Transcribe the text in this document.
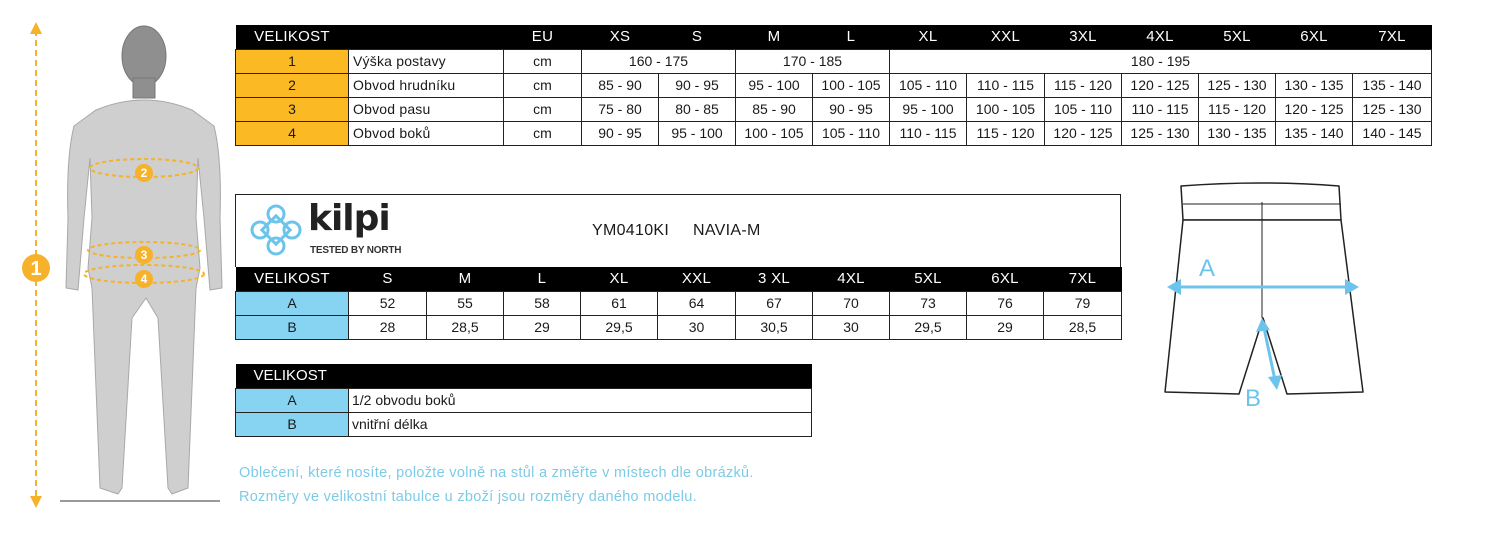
1
2
3
4
VELIKOST		EU	XS	S	M	L	XL	XXL	3XL	4XL	5XL	6XL	7XL
1	Výška postavy	cm	160 - 175		170 - 185		180 - 195						
2	Obvod hrudníku	cm	85 - 90	90 - 95	95 - 100	100 - 105	105 - 110	110 - 115	115 - 120	120 - 125	125 - 130	130 - 135	135 - 140
3	Obvod pasu	cm	75 - 80	80 - 85	85 - 90	90 - 95	95 - 100	100 - 105	105 - 110	110 - 115	115 - 120	120 - 125	125 - 130
4	Obvod boků	cm	90 - 95	95 - 100	100 - 105	105 - 110	110 - 115	115 - 120	120 - 125	125 - 130	130 - 135	135 - 140	140 - 145
kilpi
TESTED BY NORTH
YM0410KI NAVIA-M
VELIKOST	S	M	L	XL	XXL	3 XL	4XL	5XL	6XL	7XL
A	52	55	58	61	64	67	70	73	76	79
B	28	28,5	29	29,5	30	30,5	30	29,5	29	28,5
VELIKOST	
A	1/2 obvodu boků
B	vnitřní délka
A
B
Oblečení, které nosíte, položte volně na stůl a změřte v místech dle obrázků.
Rozměry ve velikostní tabulce u zboží jsou rozměry daného modelu.
